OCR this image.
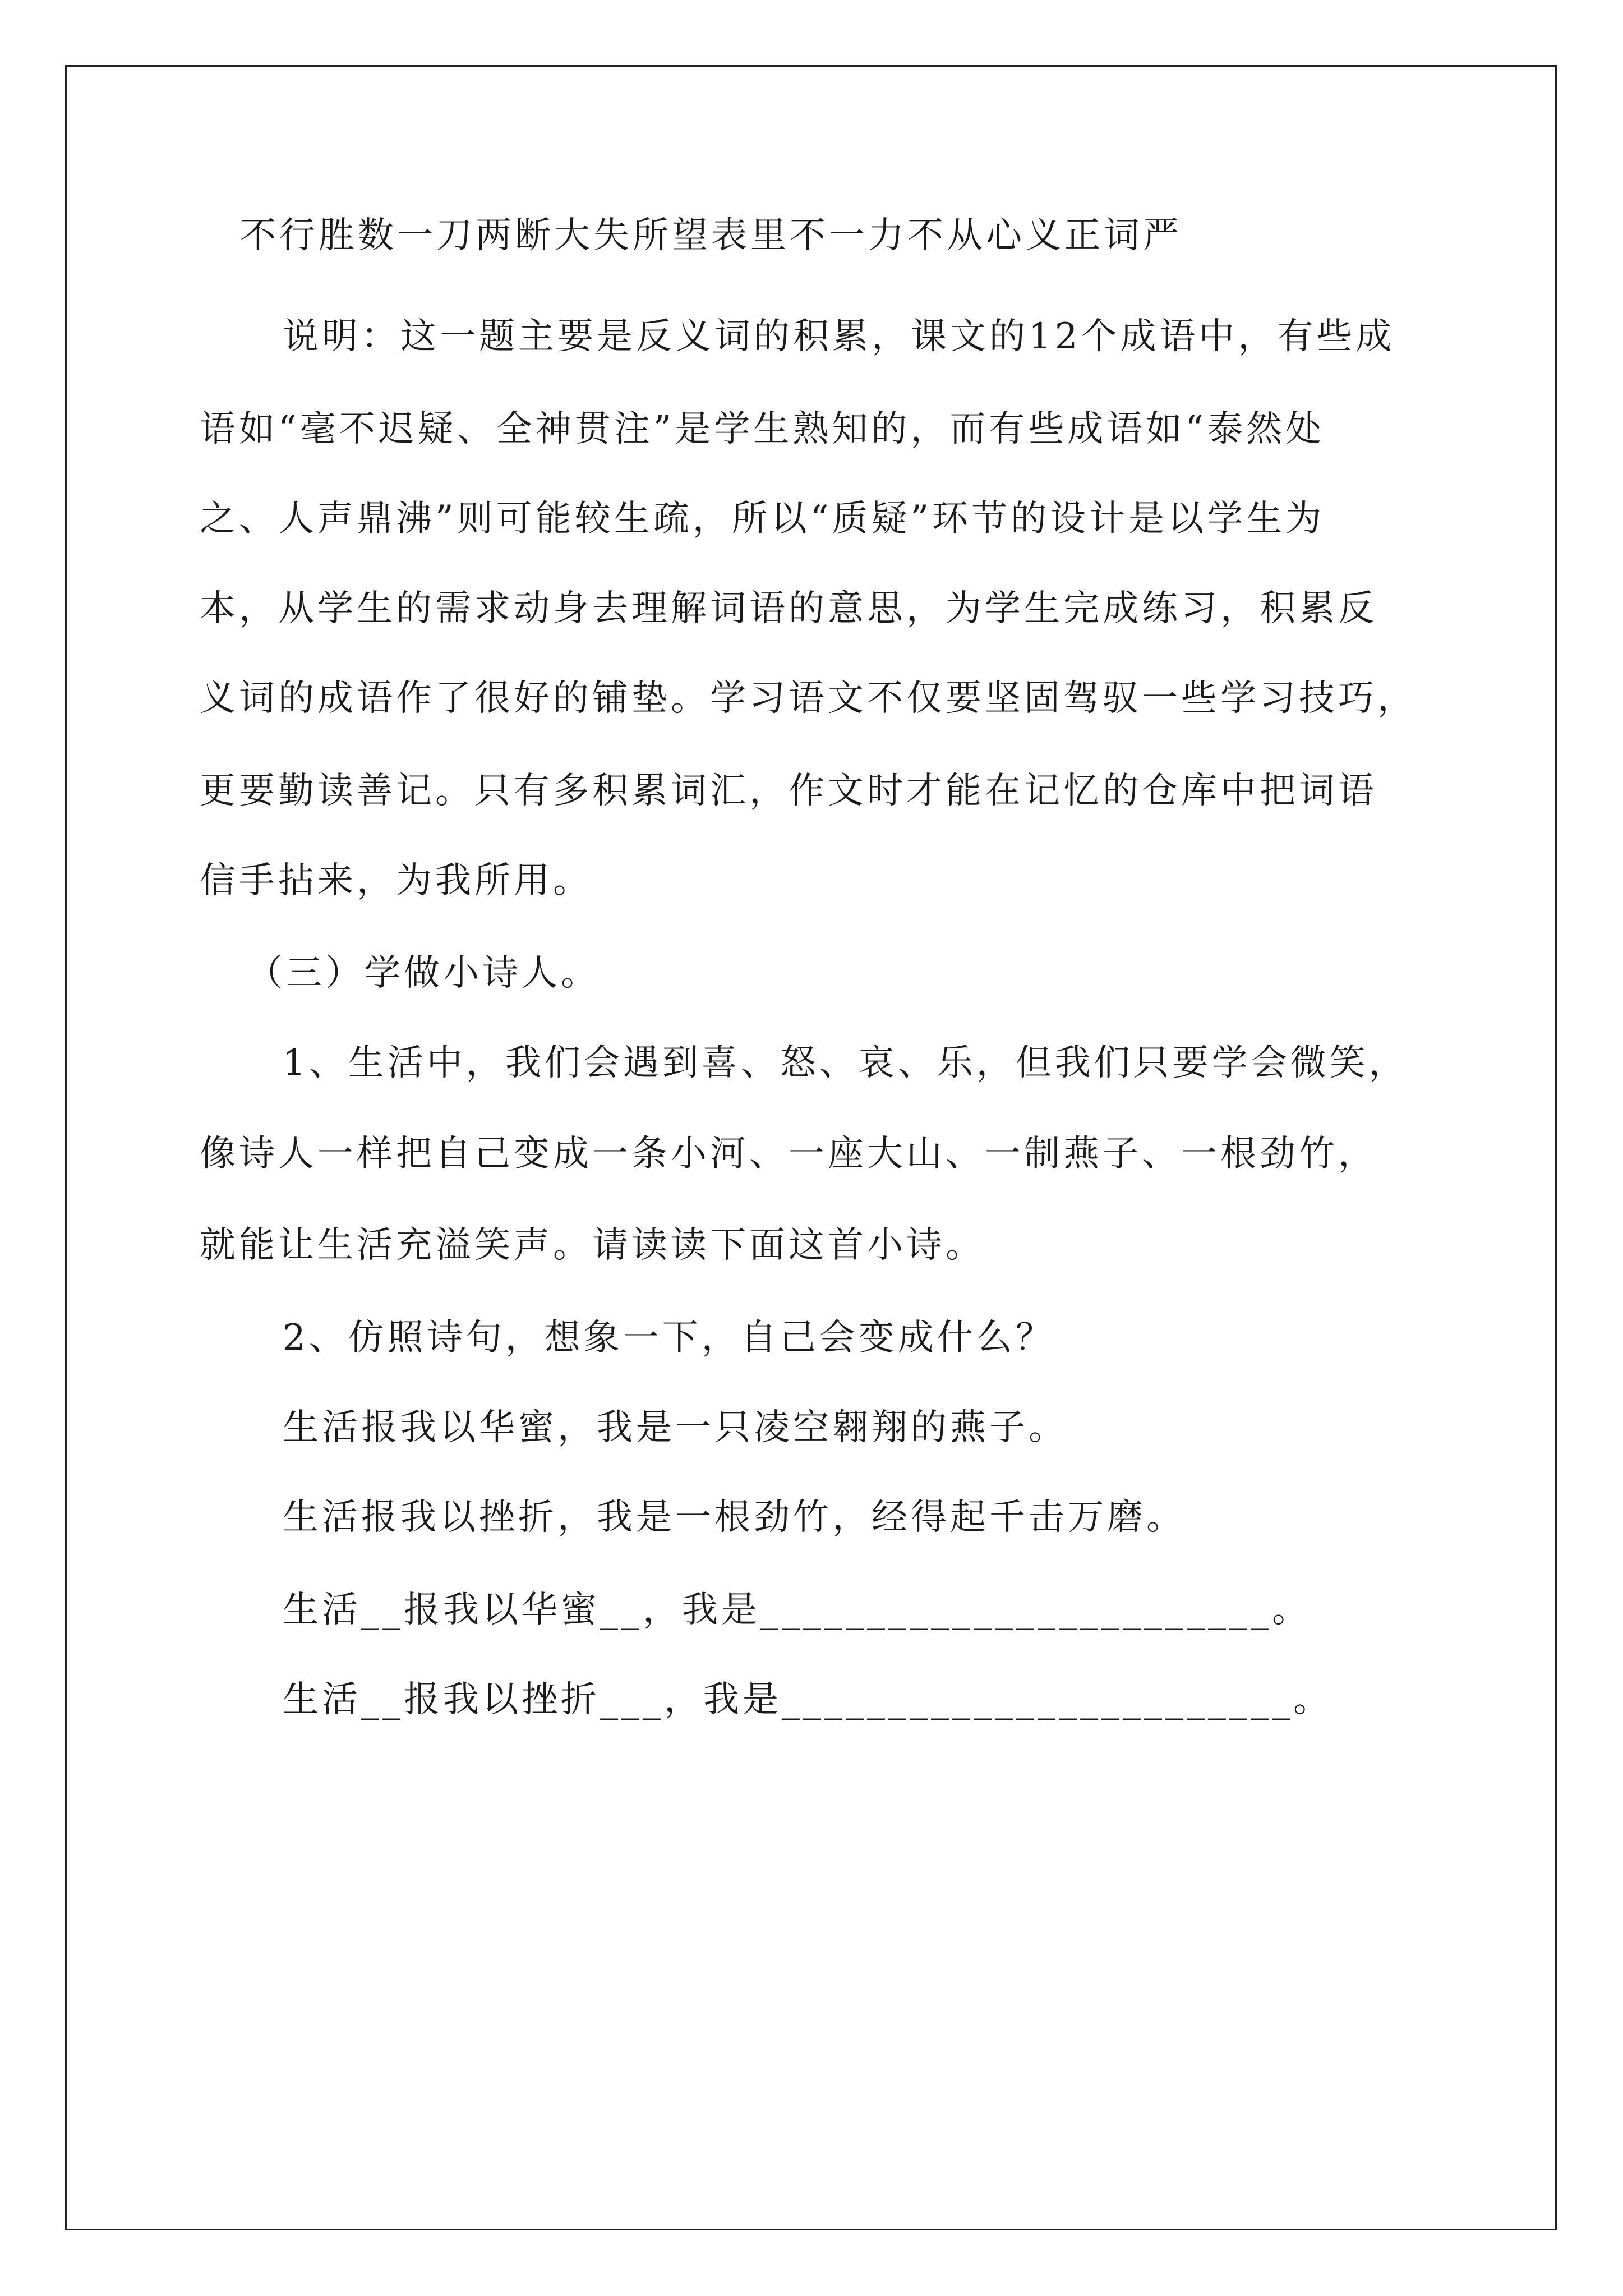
不行胜数一刀两断大失所望表里不一力不从心义正词严
说明：这一题主要是反义词的积累，课文的12个成语中，有些成
语如“毫不迟疑、全神贯注”是学生熟知的，而有些成语如“泰然处
之、人声鼎沸”则可能较生疏，所以“质疑”环节的设计是以学生为
本，从学生的需求动身去理解词语的意思，为学生完成练习，积累反
义词的成语作了很好的铺垫。学习语文不仅要坚固驾驭一些学习技巧，
更要勤读善记。只有多积累词汇，作文时才能在记忆的仓库中把词语
信手拈来，为我所用。
（三）学做小诗人。
1、生活中，我们会遇到喜、怒、哀、乐，但我们只要学会微笑，
像诗人一样把自己变成一条小河、一座大山、一制燕子、一根劲竹，
就能让生活充溢笑声。请读读下面这首小诗。
2、仿照诗句，想象一下，自己会变成什么？
生活报我以华蜜，我是一只凌空翱翔的燕子。
生活报我以挫折，我是一根劲竹，经得起千击万磨。
生活__报我以华蜜__，我是________________________。
生活__报我以挫折___，我是________________________。
